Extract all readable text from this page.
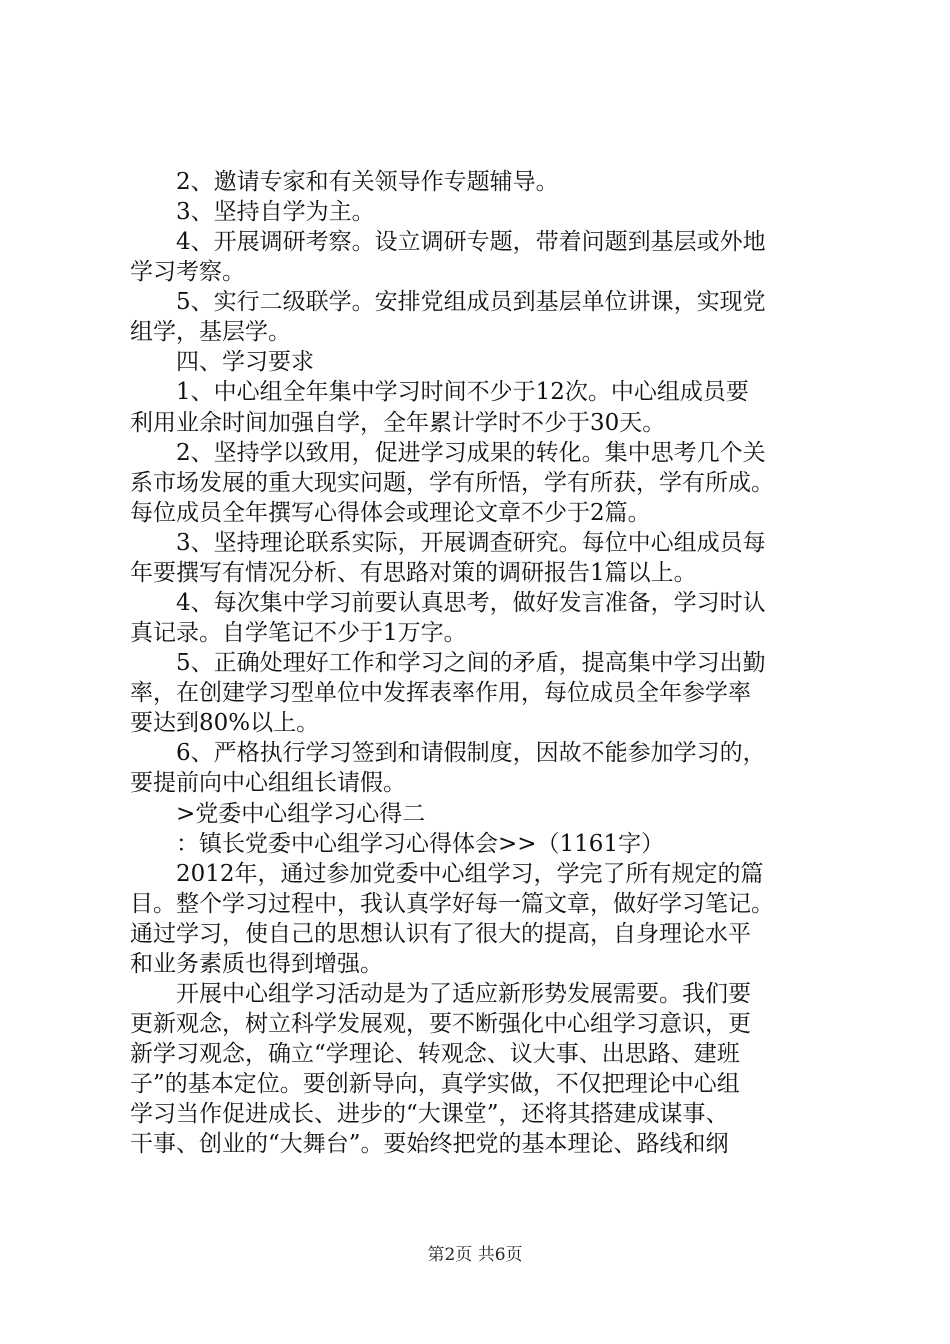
2、邀请专家和有关领导作专题辅导。

3、坚持自学为主。

4、开展调研考察。设立调研专题，带着问题到基层或外地

学习考察。

5、实行二级联学。安排党组成员到基层单位讲课，实现党

组学，基层学。

四、学习要求

1、中心组全年集中学习时间不少于12次。中心组成员要

利用业余时间加强自学，全年累计学时不少于30天。

2、坚持学以致用，促进学习成果的转化。集中思考几个关

系市场发展的重大现实问题，学有所悟，学有所获，学有所成。

每位成员全年撰写心得体会或理论文章不少于2篇。

3、坚持理论联系实际，开展调查研究。每位中心组成员每

年要撰写有情况分析、有思路对策的调研报告1篇以上。

4、每次集中学习前要认真思考，做好发言准备，学习时认

真记录。自学笔记不少于1万字。

5、正确处理好工作和学习之间的矛盾，提高集中学习出勤

率，在创建学习型单位中发挥表率作用，每位成员全年参学率

要达到80%以上。

6、严格执行学习签到和请假制度，因故不能参加学习的，

要提前向中心组组长请假。

>党委中心组学习心得二

：镇长党委中心组学习心得体会>>（1161字）

2012年，通过参加党委中心组学习，学完了所有规定的篇

目。整个学习过程中，我认真学好每一篇文章，做好学习笔记。

通过学习，使自己的思想认识有了很大的提高，自身理论水平

和业务素质也得到增强。

开展中心组学习活动是为了适应新形势发展需要。我们要

更新观念，树立科学发展观，要不断强化中心组学习意识，更

新学习观念，确立“学理论、转观念、议大事、出思路、建班

子”的基本定位。要创新导向，真学实做，不仅把理论中心组

学习当作促进成长、进步的“大课堂”，还将其搭建成谋事、

干事、创业的“大舞台”。要始终把党的基本理论、路线和纲

第2页 共6页
